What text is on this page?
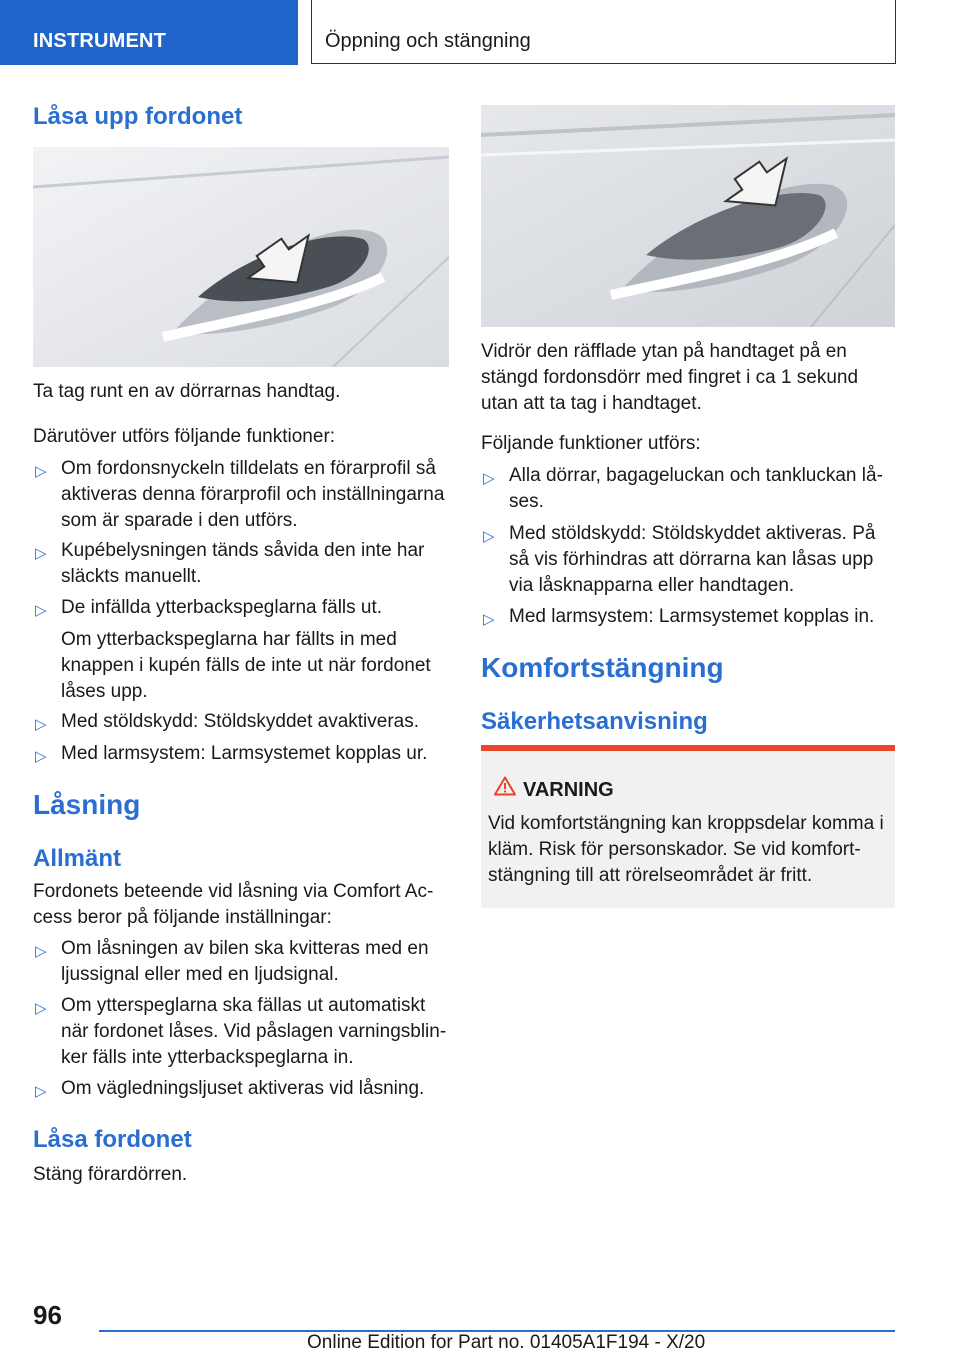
INSTRUMENT	Öppning och stängning
Låsa upp fordonet

Ta tag runt en av dörrarnas handtag.

Därutöver utförs följande funktioner:

▷ Om fordonsnyckeln tilldelats en förarprofil så aktiveras denna förarprofil och inställningarna som är sparade i den utförs.
▷ Kupébelysningen tänds såvida den inte har släckts manuellt.
▷ De infällda ytterbackspeglarna fälls ut.
Om ytterbackspeglarna har fällts in med knappen i kupén fälls de inte ut när fordonet låses upp.
▷ Med stöldskydd: Stöldskyddet avaktiveras.
▷ Med larmsystem: Larmsystemet kopplas ur.
Låsning
Allmänt

Fordonets beteende vid låsning via Comfort Ac-cess beror på följande inställningar:

▷ Om låsningen av bilen ska kvitteras med en ljussignal eller med en ljudsignal.
▷ Om ytterspeglarna ska fällas ut automatiskt när fordonet låses. Vid påslagen varningsblin-ker fälls inte ytterbackspeglarna in.
▷ Om vägledningsljuset aktiveras vid låsning.
Låsa fordonet

Stäng förardörren.

Vidrör den räfflade ytan på handtaget på en stängd fordonsdörr med fingret i ca 1 sekund utan att ta tag i handtaget.

Följande funktioner utförs:

▷ Alla dörrar, bagageluckan och tankluckan lå-ses.
▷ Med stöldskydd: Stöldskyddet aktiveras. På så vis förhindras att dörrarna kan låsas upp via låsknapparna eller handtagen.
▷ Med larmsystem: Larmsystemet kopplas in.
Komfortstängning
Säkerhetsanvisning
VARNING
Vid komfortstängning kan kroppsdelar komma i kläm. Risk för personskador. Se vid komfort-stängning till att rörelseområdet är fritt.
96
Online Edition for Part no. 01405A1F194 - X/20
